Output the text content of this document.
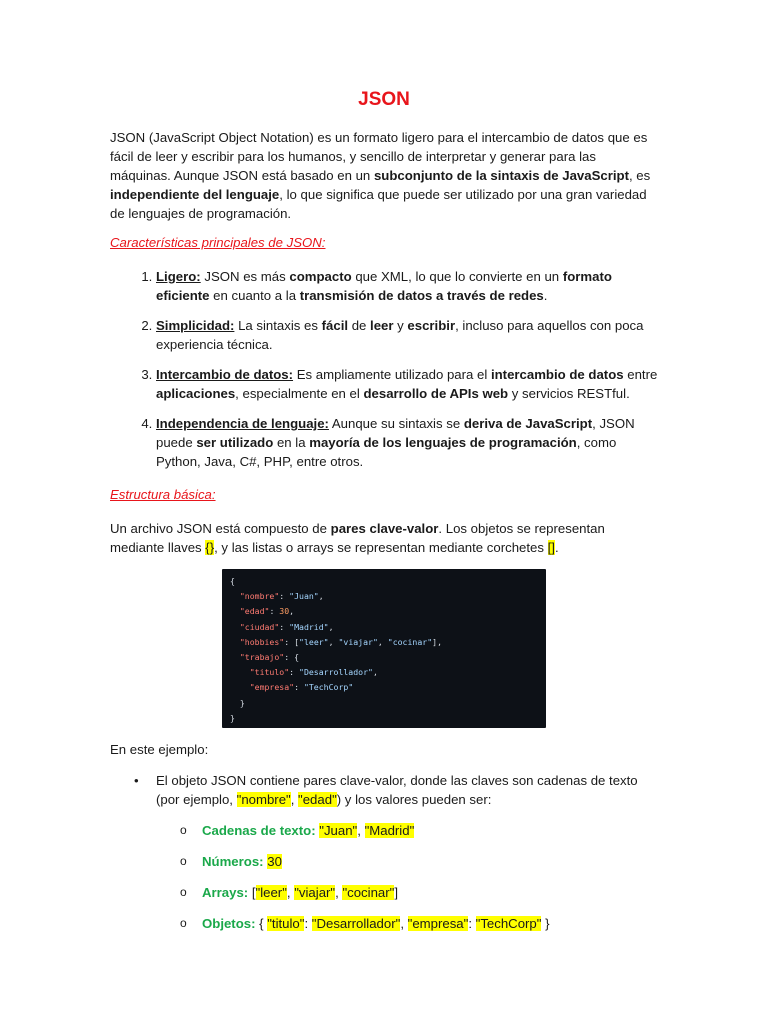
JSON

JSON (JavaScript Object Notation) es un formato ligero para el intercambio de datos que es fácil de leer y escribir para los humanos, y sencillo de interpretar y generar para las máquinas. Aunque JSON está basado en un subconjunto de la sintaxis de JavaScript, es independiente del lenguaje, lo que significa que puede ser utilizado por una gran variedad de lenguajes de programación.

Características principales de JSON:

1. Ligero: JSON es más compacto que XML, lo que lo convierte en un formato eficiente en cuanto a la transmisión de datos a través de redes.
2. Simplicidad: La sintaxis es fácil de leer y escribir, incluso para aquellos con poca experiencia técnica.
3. Intercambio de datos: Es ampliamente utilizado para el intercambio de datos entre aplicaciones, especialmente en el desarrollo de APIs web y servicios RESTful.
4. Independencia de lenguaje: Aunque su sintaxis se deriva de JavaScript, JSON puede ser utilizado en la mayoría de los lenguajes de programación, como Python, Java, C#, PHP, entre otros.

Estructura básica:

Un archivo JSON está compuesto de pares clave-valor. Los objetos se representan mediante llaves {}, y las listas o arrays se representan mediante corchetes [].

{
"nombre": "Juan",
"edad": 30,
"ciudad": "Madrid",
"hobbies": ["leer", "viajar", "cocinar"],
"trabajo": {
"titulo": "Desarrollador",
"empresa": "TechCorp"
}
}

En este ejemplo:

• El objeto JSON contiene pares clave-valor, donde las claves son cadenas de texto (por ejemplo, "nombre", "edad") y los valores pueden ser:
o Cadenas de texto: "Juan", "Madrid"
o Números: 30
o Arrays: ["leer", "viajar", "cocinar"]
o Objetos: { "titulo": "Desarrollador", "empresa": "TechCorp" }
